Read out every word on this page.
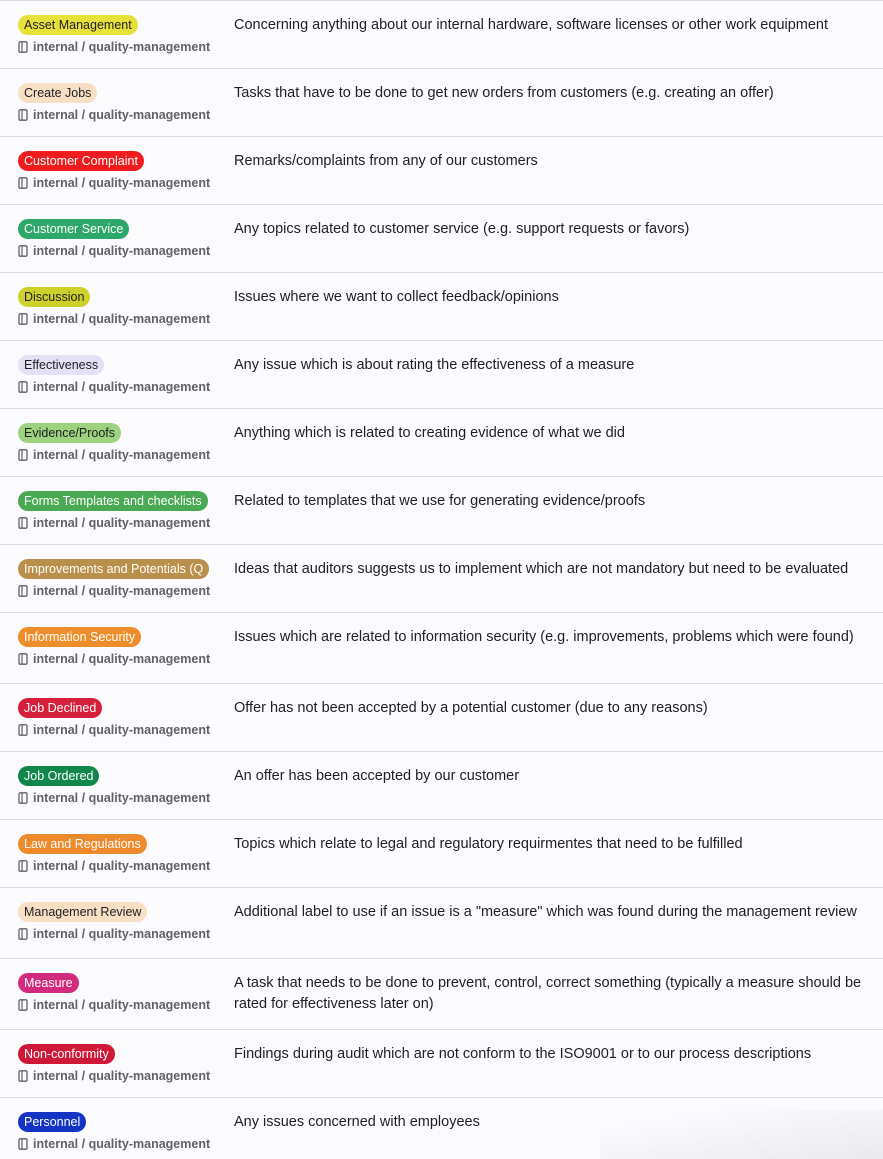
Asset Management
internal / quality-management
Concerning anything about our internal hardware, software licenses or other work equipment
Create Jobs
internal / quality-management
Tasks that have to be done to get new orders from customers (e.g. creating an offer)
Customer Complaint
internal / quality-management
Remarks/complaints from any of our customers
Customer Service
internal / quality-management
Any topics related to customer service (e.g. support requests or favors)
Discussion
internal / quality-management
Issues where we want to collect feedback/opinions
Effectiveness
internal / quality-management
Any issue which is about rating the effectiveness of a measure
Evidence/Proofs
internal / quality-management
Anything which is related to creating evidence of what we did
Forms Templates and checklists
internal / quality-management
Related to templates that we use for generating evidence/proofs
Improvements and Potentials (Q
internal / quality-management
Ideas that auditors suggests us to implement which are not mandatory but need to be evaluated
Information Security
internal / quality-management
Issues which are related to information security (e.g. improvements, problems which were found)
Job Declined
internal / quality-management
Offer has not been accepted by a potential customer (due to any reasons)
Job Ordered
internal / quality-management
An offer has been accepted by our customer
Law and Regulations
internal / quality-management
Topics which relate to legal and regulatory requirmentes that need to be fulfilled
Management Review
internal / quality-management
Additional label to use if an issue is a "measure" which was found during the management review
Measure
internal / quality-management
A task that needs to be done to prevent, control, correct something (typically a measure should be rated for effectiveness later on)
Non-conformity
internal / quality-management
Findings during audit which are not conform to the ISO9001 or to our process descriptions
Personnel
internal / quality-management
Any issues concerned with employees
